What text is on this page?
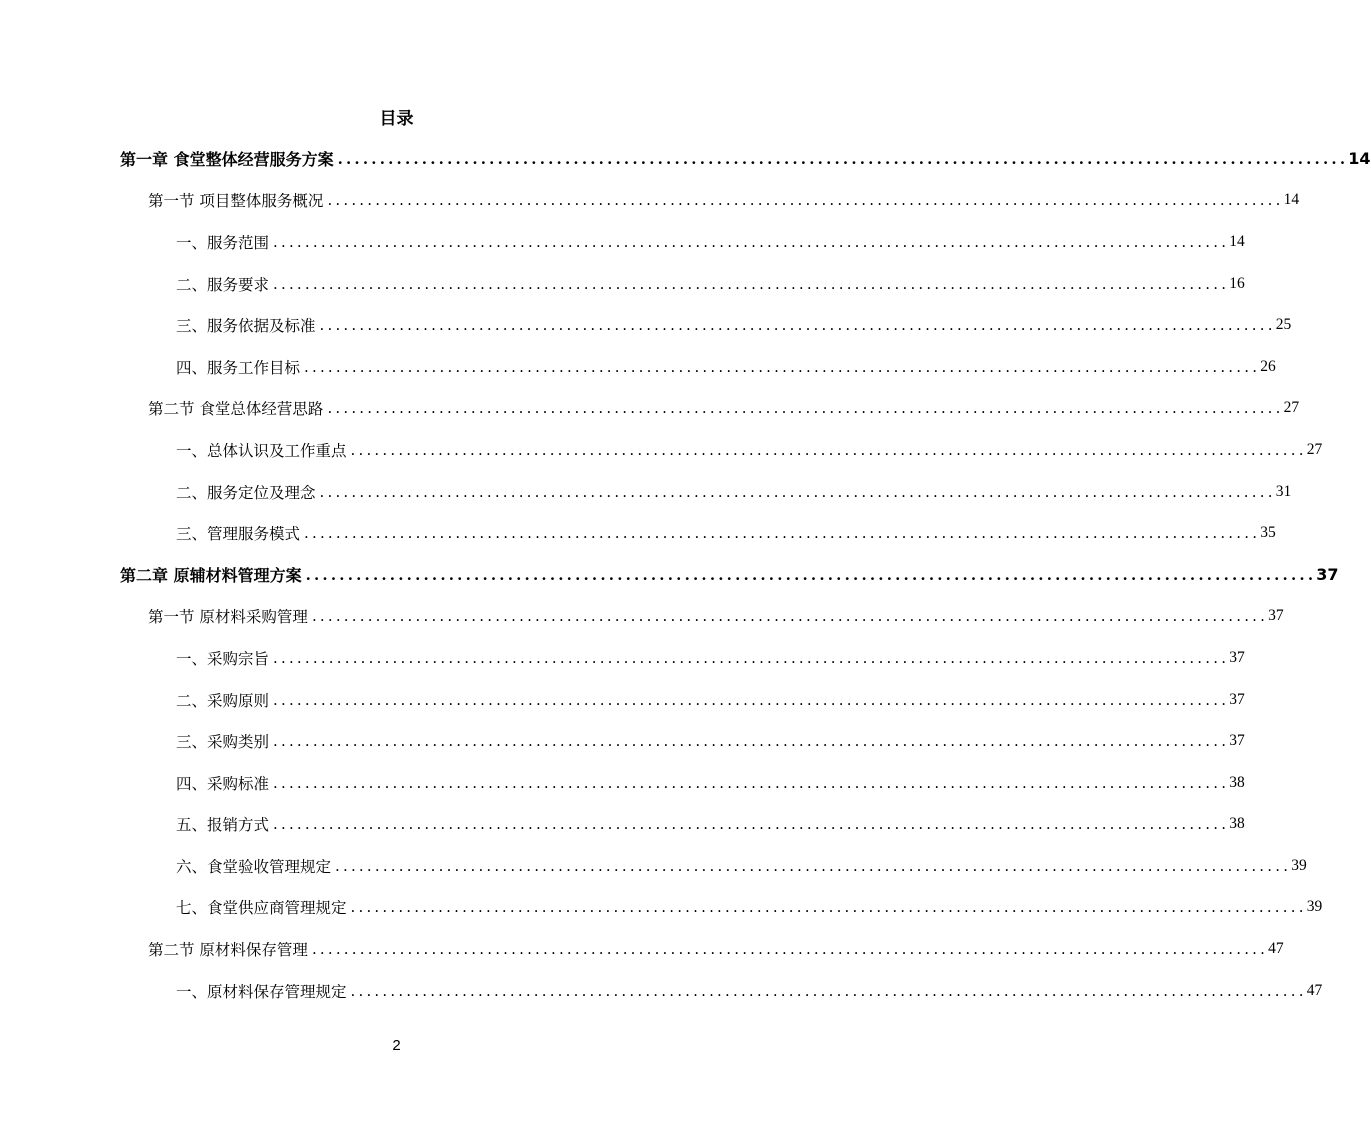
目录
第一章 食堂整体经营服务方案 ........................................................................................................................ 14
第一节 项目整体服务概况 ........................................................................................................................ 14
一、服务范围 ........................................................................................................................ 14
二、服务要求 ........................................................................................................................ 16
三、服务依据及标准 ........................................................................................................................ 25
四、服务工作目标 ........................................................................................................................ 26
第二节 食堂总体经营思路 ........................................................................................................................ 27
一、总体认识及工作重点 ........................................................................................................................ 27
二、服务定位及理念 ........................................................................................................................ 31
三、管理服务模式 ........................................................................................................................ 35
第二章 原辅材料管理方案 ........................................................................................................................ 37
第一节 原材料采购管理 ........................................................................................................................ 37
一、采购宗旨 ........................................................................................................................ 37
二、采购原则 ........................................................................................................................ 37
三、采购类别 ........................................................................................................................ 37
四、采购标准 ........................................................................................................................ 38
五、报销方式 ........................................................................................................................ 38
六、食堂验收管理规定 ........................................................................................................................ 39
七、食堂供应商管理规定 ........................................................................................................................ 39
第二节 原材料保存管理 ........................................................................................................................ 47
一、原材料保存管理规定 ........................................................................................................................ 47
2
